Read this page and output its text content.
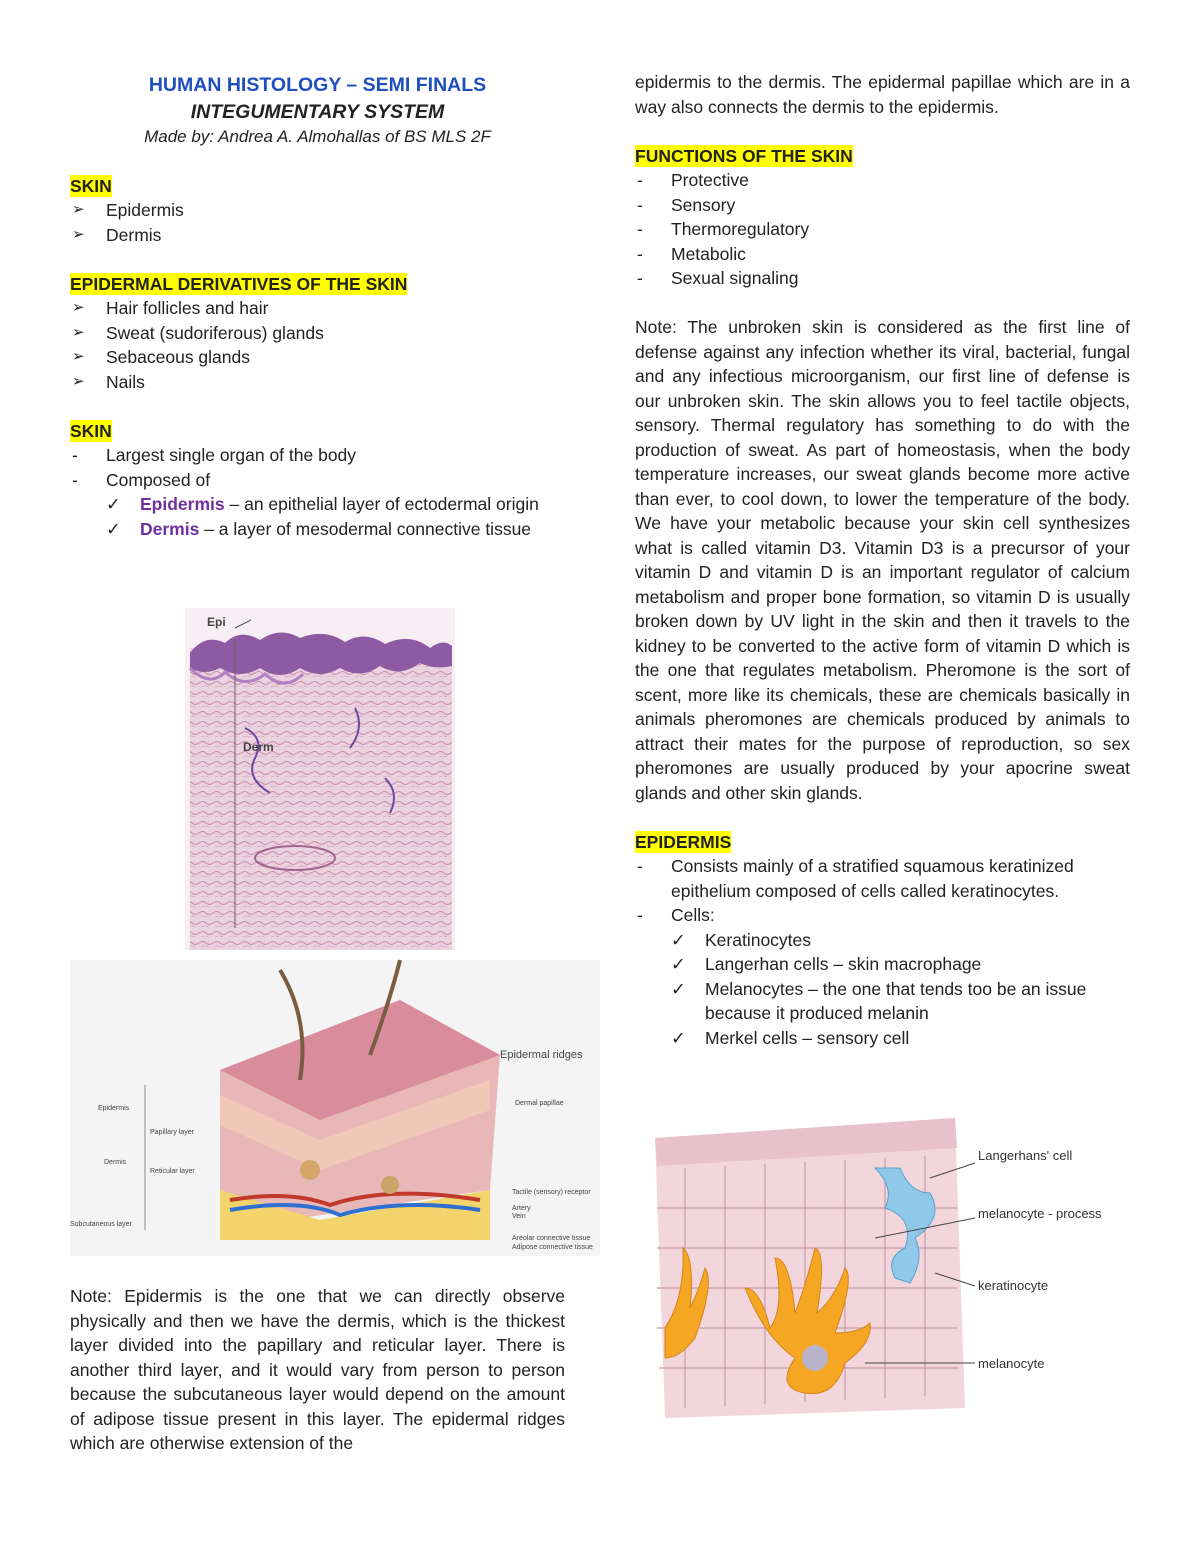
HUMAN HISTOLOGY – SEMI FINALS
INTEGUMENTARY SYSTEM
Made by: Andrea A. Almohallas of BS MLS 2F
SKIN
➢ Epidermis
➢ Dermis
EPIDERMAL DERIVATIVES OF THE SKIN
➢ Hair follicles and hair
➢ Sweat (sudoriferous) glands
➢ Sebaceous glands
➢ Nails
SKIN
- Largest single organ of the body
- Composed of
✓ Epidermis – an epithelial layer of ectodermal origin
✓ Dermis – a layer of mesodermal connective tissue
Epi
Derm
Epidermal ridges
Dermal papillae
Epidermis
Papillary layer
Dermis
Reticular layer
Subcutaneous layer
Tactile (sensory) receptor
Artery
Vein
Areolar connective tissue
Adipose connective tissue
Note: Epidermis is the one that we can directly observe physically and then we have the dermis, which is the thickest layer divided into the papillary and reticular layer. There is another third layer, and it would vary from person to person because the subcutaneous layer would depend on the amount of adipose tissue present in this layer. The epidermal ridges which are otherwise extension of the
epidermis to the dermis. The epidermal papillae which are in a way also connects the dermis to the epidermis.
FUNCTIONS OF THE SKIN
- Protective
- Sensory
- Thermoregulatory
- Metabolic
- Sexual signaling
Note: The unbroken skin is considered as the first line of defense against any infection whether its viral, bacterial, fungal and any infectious microorganism, our first line of defense is our unbroken skin. The skin allows you to feel tactile objects, sensory. Thermal regulatory has something to do with the production of sweat. As part of homeostasis, when the body temperature increases, our sweat glands become more active than ever, to cool down, to lower the temperature of the body. We have your metabolic because your skin cell synthesizes what is called vitamin D3. Vitamin D3 is a precursor of your vitamin D and vitamin D is an important regulator of calcium metabolism and proper bone formation, so vitamin D is usually broken down by UV light in the skin and then it travels to the kidney to be converted to the active form of vitamin D which is the one that regulates metabolism. Pheromone is the sort of scent, more like its chemicals, these are chemicals basically in animals pheromones are chemicals produced by animals to attract their mates for the purpose of reproduction, so sex pheromones are usually produced by your apocrine sweat glands and other skin glands.
EPIDERMIS
- Consists mainly of a stratified squamous keratinized epithelium composed of cells called keratinocytes.
- Cells:
✓ Keratinocytes
✓ Langerhan cells – skin macrophage
✓ Melanocytes – the one that tends too be an issue because it produced melanin
✓ Merkel cells – sensory cell
Langerhans' cell
melanocyte - process
keratinocyte
melanocyte
